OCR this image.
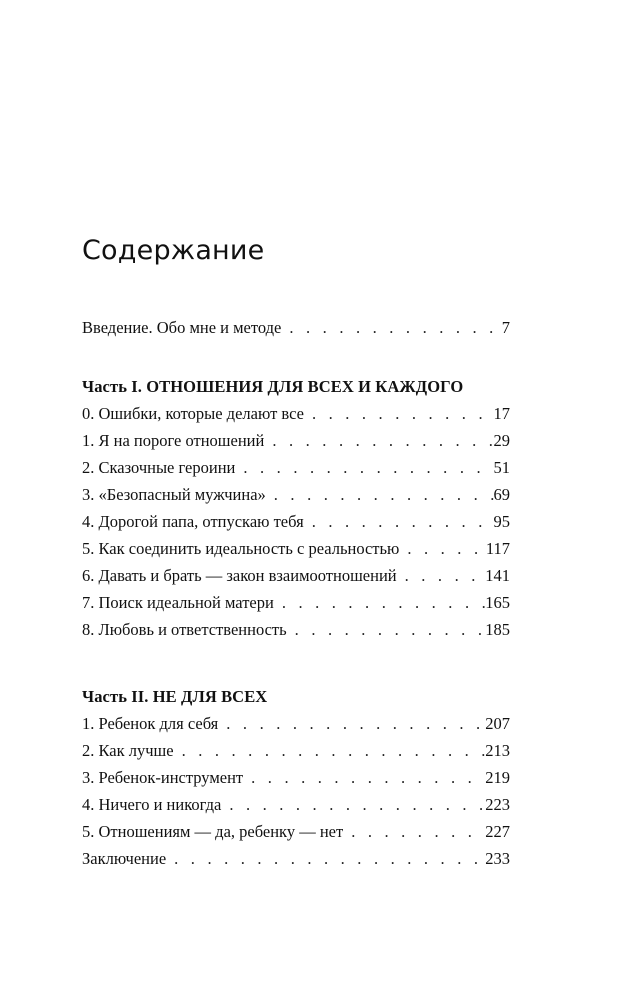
Содержание
Введение. Обо мне и методе . . .	7
Часть I. ОТНОШЕНИЯ ДЛЯ ВСЕХ И КАЖДОГО
0. Ошибки, которые делают все . . .	17
1. Я на пороге отношений . . .	29
2. Сказочные героини . . .	51
3. «Безопасный мужчина» . . .	69
4. Дорогой папа, отпускаю тебя . . .	95
5. Как соединить идеальность с реальностью . . .	117
6. Давать и брать — закон взаимоотношений . . .	141
7. Поиск идеальной матери . . .	165
8. Любовь и ответственность . . .	185
Часть II. НЕ ДЛЯ ВСЕХ
1. Ребенок для себя . . .	207
2. Как лучше . . .	213
3. Ребенок-инструмент . . .	219
4. Ничего и никогда . . .	223
5. Отношениям — да, ребенку — нет . . .	227
Заключение . . .	233
